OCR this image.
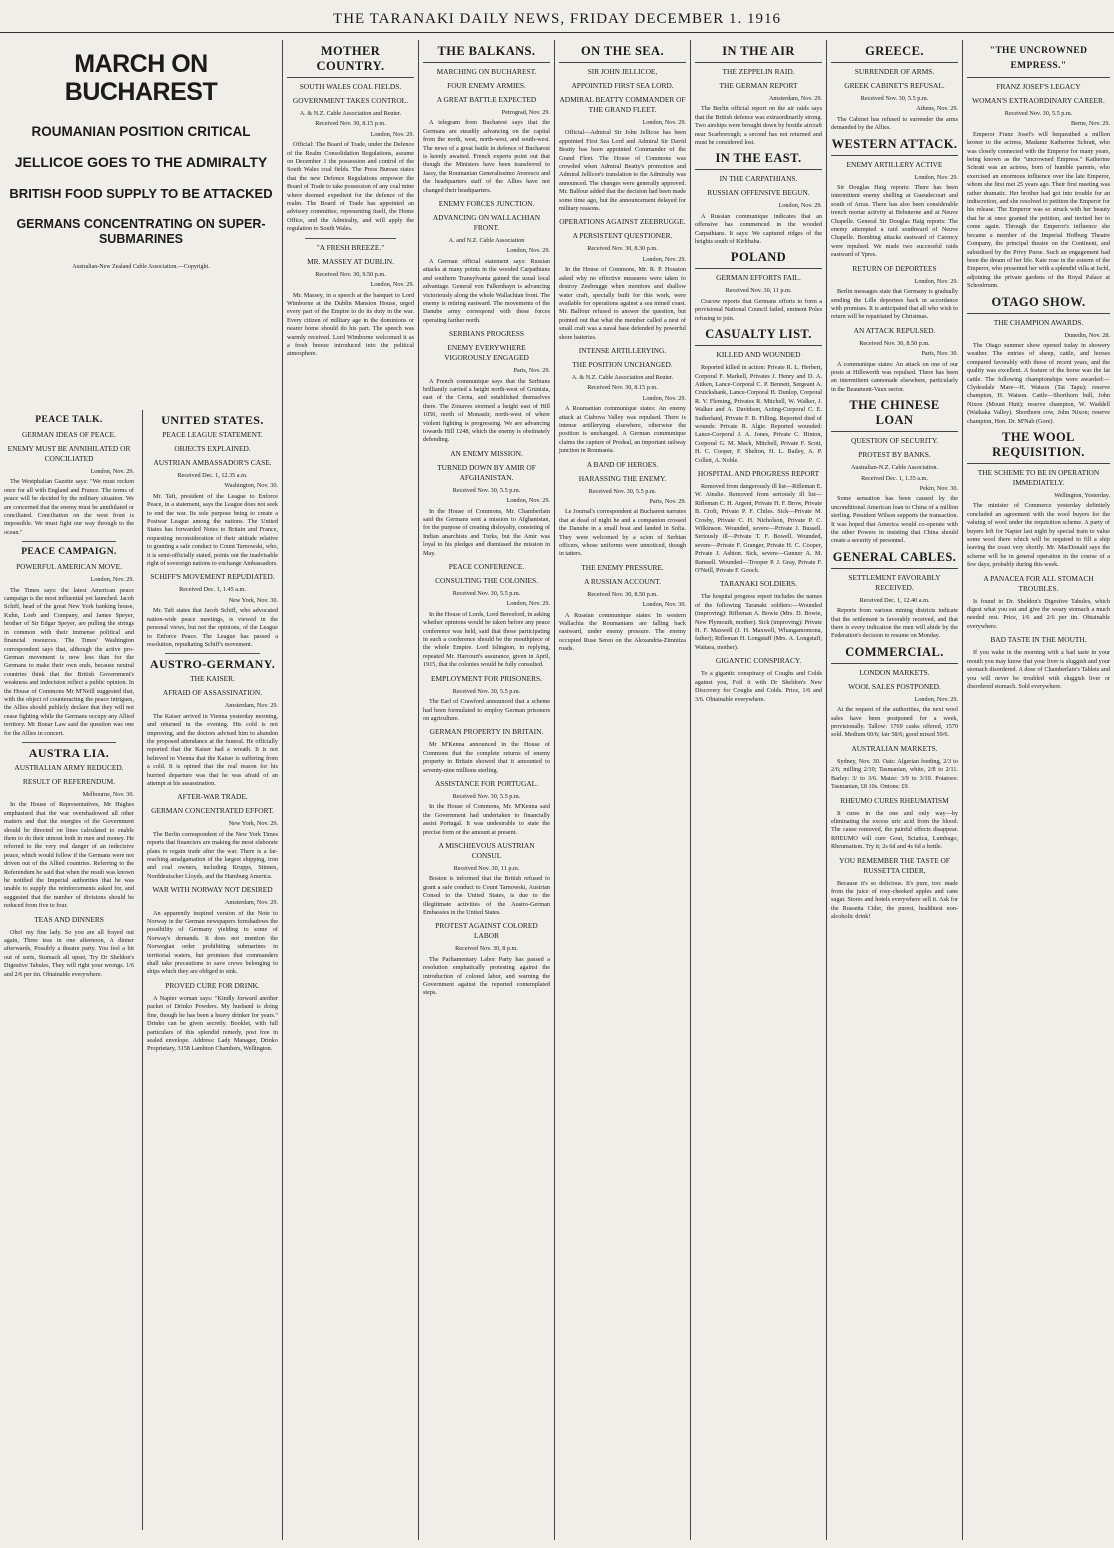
THE TARANAKI DAILY NEWS, FRIDAY DECEMBER 1. 1916
MARCH ON BUCHAREST
ROUMANIAN POSITION CRITICAL
JELLICOE GOES TO THE ADMIRALTY
BRITISH FOOD SUPPLY TO BE ATTACKED
GERMANS CONCENTRATING ON SUPER-SUBMARINES
Australian-New Zealand Cable Association.—Copyright.
PEACE TALK.
GERMAN IDEAS OF PEACE.
ENEMY MUST BE ANNIHILATED OR CONCILIATED
London, Nov. 29.

The Westphalian Gazette says: "We must reckon once for all with England and France. The terms of peace will be decided by the military situation. We are concerned that the enemy must be annihilated or conciliated. Conciliation on the west front is impossible. We must fight our way through to the ocean."

PEACE CAMPAIGN.
POWERFUL AMERICAN MOVE.
London, Nov. 29.

The Times says: the latest American peace campaign is the most influential yet launched. Jacob Schiff, head of the great New York banking house, Kuhn, Loeb and Company, and James Speyer, brother of Sir Edgar Speyer, are pulling the strings in common with their immense political and financial resources. The Times' Washington correspondent says that, although the active pro-German movement is now less than for the Germans to make their own ends, because neutral countries think that the British Government's weakness and indecision reflect a public opinion. In the House of Commons Mr M'Neill suggested that, with the object of counteracting the peace intrigues, the Allies should publicly declare that they will not cease fighting while the Germans occupy any Allied territory. Mr Bonar Law said the question was one for the Allies in concert.

AUSTRA LIA.
AUSTRALIAN ARMY REDUCED.
RESULT OF REFERENDUM.
Melbourne, Nov. 30.

In the House of Representatives, Mr Hughes emphasised that the war overshadowed all other matters and that the energies of the Government should be directed on lines calculated to enable them to do their utmost both in men and money. He referred to the very real danger of an indecisive peace, which would follow if the Germans were not driven out of the Allied countries. Referring to the Referendum he said that when the result was known he notified the Imperial authorities that he was unable to supply the reinforcements asked for, and suggested that the number of divisions should be reduced from five to four.

TEAS AND DINNERS

Oho! my fine lady. So you are all frayed out again, Three teas in one afternoon, A dinner afterwards, Possibly a theatre party. You feel a bit out of sorts, Stomach all upset, Try Dr Sheldon's Digestive Tabules, They will right your wrongs. 1/6 and 2/6 per tin. Obtainable everywhere.

UNITED STATES.
PEACE LEAGUE STATEMENT.
OBJECTS EXPLAINED.
AUSTRIAN AMBASSADOR'S CASE.
Received Dec. 1, 12.35 a.m.
Washington, Nov. 30.

Mr. Taft, president of the League to Enforce Peace, in a statement, says the League does not seek to end the war. Its sole purpose being to create a Postwar League among the nations. The United States has forwarded Notes to Britain and France, requesting reconsideration of their attitude relative to granting a safe conduct to Count Tarnowski, who, it is semi-officially stated, points out the inadvisable right of sovereign nations to exchange Ambassadors.

SCHIFF'S MOVEMENT REPUDIATED.
Received Dec. 1, 1.45 a.m.
New York, Nov. 30.

Mr. Taft states that Jacob Schiff, who advocated nation-wide peace meetings, is viewed in the personal views, but not the opinions, of the League to Enforce Peace. The League has passed a resolution, repudiating Schiff's movement.

AUSTRO-GERMANY.
THE KAISER.
AFRAID OF ASSASSINATION.
Amsterdam, Nov. 29.

The Kaiser arrived in Vienna yesterday morning, and returned in the evening. His cold is not improving, and the doctors advised him to abandon the proposed attendance at the funeral. He officially reported that the Kaiser had a wreath. It is not believed in Vienna that the Kaiser is suffering from a cold. It is opined that the real reason for his hurried departure was that he was afraid of an attempt at his assassination.

AFTER-WAR TRADE.
GERMAN CONCENTRATED EFFORT.
New York, Nov. 29.

The Berlin correspondent of the New York Times reports that financiers are making the most elaborate plans to regain trade after the war. There is a far-reaching amalgamation of the largest shipping, iron and coal owners, including Krupps, Stinnes, Norddeutscher Lloyds, and the Hamburg America.

WAR WITH NORWAY NOT DESIRED
Amsterdam, Nov. 29.

An apparently inspired version of the Note to Norway in the German newspapers foreshadows the possibility of Germany yielding to some of Norway's demands. It does not mention the Norwegian order prohibiting submarines in territorial waters, but promises that commanders shall take precautions to save crews belonging to ships which they are obliged to sink.

PROVED CURE FOR DRINK.

A Napier woman says: "Kindly forward another packet of Drinko Powders. My husband is doing fine, though he has been a heavy drinker for years." Drinko can be given secretly. Booklet, with full particulars of this splendid remedy, post free in sealed envelope. Address: Lady Manager, Drinko Proprietary, 3158 Lambton Chambers, Wellington.

MOTHER COUNTRY.
SOUTH WALES COAL FIELDS.
GOVERNMENT TAKES CONTROL.
A. & N.Z. Cable Association and Reuter.
Received Nov. 30, 8.15 p.m.
London, Nov. 29.

Official: The Board of Trade, under the Defence of the Realm Consolidation Regulations, assume on December 1 the possession and control of the South Wales coal fields. The Press Bureau states that the new Defence Regulations empower the Board of Trade to take possession of any coal mine where deemed expedient for the defence of the realm. The Board of Trade has appointed an advisory committee, representing itself, the Home Office, and the Admiralty, and will apply the regulation to South Wales.

"A FRESH BREEZE."
MR. MASSEY AT DUBLIN.
Received Nov. 30, 9.50 p.m.
London, Nov. 29.

Mr. Massey, in a speech at the banquet to Lord Wimborne at the Dublin Mansion House, urged every part of the Empire to do its duty in the war. Every citizen of military age in the dominions or nearer home should do his part. The speech was warmly received. Lord Wimborne welcomed it as a fresh breeze introduced into the political atmosphere.

THE BALKANS.
MARCHING ON BUCHAREST.
FOUR ENEMY ARMIES.
A GREAT BATTLE EXPECTED
Petrograd, Nov. 29.

A telegram from Bucharest says that the Germans are steadily advancing on the capital from the north, west, north-west, and south-west. The news of a great battle in defence of Bucharest is keenly awaited. French experts point out that though the Ministers have been transferred to Jassy, the Roumanian Generalissimo Averescu and the headquarters staff of the Allies have not changed their headquarters.

ENEMY FORCES JUNCTION.
ADVANCING ON WALLACHIAN FRONT.
A. and N.Z. Cable Association
London, Nov. 29.

A German official statement says: Russian attacks at many points in the wooded Carpathians and southern Transylvania gained the usual local advantage. General von Falkenhayn is advancing victoriously along the whole Wallachian front. The enemy is retiring eastward. The movements of the Danube army correspond with these forces operating farther north.

SERBIANS PROGRESS
ENEMY EVERYWHERE VIGOROUSLY ENGAGED
Paris, Nov. 29.

A French communique says that the Serbians brilliantly carried a height north-west of Grunista, east of the Cerna, and established themselves there. The Zouaves stormed a height east of Hill 1050, north of Monastir, north-west of where violent fighting is progressing. We are advancing towards Hill 1248, which the enemy is obstinately defending.

AN ENEMY MISSION.
TURNED DOWN BY AMIR OF AFGHANISTAN.
Received Nov. 30, 5.5 p.m.
London, Nov. 29.

In the House of Commons, Mr. Chamberlain said the Germans sent a mission to Afghanistan, for the purpose of creating disloyalty, consisting of Indian anarchists and Turks, but the Amir was loyal to his pledges and dismissed the mission in May.

PEACE CONFERENCE.
CONSULTING THE COLONIES.
Received Nov. 30, 5.5 p.m.
London, Nov. 29.

In the House of Lords, Lord Beresford, in asking whether opinions would be taken before any peace conference was held, said that those participating in such a conference should be the mouthpiece of the whole Empire. Lord Islington, in replying, repeated Mr. Harcourt's assurance, given in April, 1915, that the colonies would be fully consulted.

EMPLOYMENT FOR PRISONERS.
Received Nov. 30, 5.5 p.m.

The Earl of Crawford announced that a scheme had been formulated to employ German prisoners on agriculture.

GERMAN PROPERTY IN BRITAIN.

Mr M'Kenna announced in the House of Commons that the complete returns of enemy property in Britain showed that it amounted to seventy-nine millions sterling.

ASSISTANCE FOR PORTUGAL.
Received Nov. 30, 5.5 p.m.

In the House of Commons, Mr. M'Kenna said the Government had undertaken to financially assist Portugal. It was undesirable to state the precise form or the amount at present.

A MISCHIEVOUS AUSTRIAN CONSUL
Received Nov. 30, 11 p.m.

Boston is informed that the British refused to grant a safe conduct to Count Tarnowski, Austrian Consul to the United States, is due to the illegitimate activities of the Austro-German Embassies in the United States.

PROTEST AGAINST COLORED LABOR
Received Nov. 30, 8 p.m.

The Parliamentary Labor Party has passed a resolution emphatically protesting against the introduction of colored labor, and warning the Government against the reported contemplated steps.

ON THE SEA.
SIR JOHN JELLICOE,
APPOINTED FIRST SEA LORD.
ADMIRAL BEATTY COMMANDER OF THE GRAND FLEET.
London, Nov. 29.

Official—Admiral Sir John Jellicoe has been appointed First Sea Lord and Admiral Sir David Beatty has been appointed Commander of the Grand Fleet. The House of Commons was crowded when Admiral Beatty's promotion and Admiral Jellicoe's translation to the Admiralty was announced. The changes were generally approved. Mr. Balfour added that the decision had been made some time ago, but the announcement delayed for military reasons.

OPERATIONS AGAINST ZEEBRUGGE.
A PERSISTENT QUESTIONER.
Received Nov. 30, 8.30 p.m.
London, Nov. 29.

In the House of Commons, Mr. R. P. Houston asked why no effective measures were taken to destroy Zeebrugge when monitors and shallow water craft, specially built for this work, were available for operations against a sea mined coast. Mr. Balfour refused to answer the question, but pointed out that what the member called a nest of small craft was a naval base defended by powerful shore batteries.

INTENSE ARTILLERYING.
THE POSITION UNCHANGED.
A. & N.Z. Cable Association and Reuter.
Received Nov. 30, 8.15 p.m.
London, Nov. 29.

A Roumanian communique states: An enemy attack at Ciabova Valley was repulsed. There is intense artillerying elsewhere, otherwise the position is unchanged. A German communique claims the capture of Predeal, an important railway junction in Roumania.

A BAND OF HEROES.
HARASSING THE ENEMY.
Received Nov. 30, 5.5 p.m.
Paris, Nov. 29.

Le Journal's correspondent at Bucharest narrates that at dead of night he and a companion crossed the Danube in a small boat and landed in Sofia. They were welcomed by a scion of Serbian officers, whose uniforms were unnoticed, though in tatters.

THE ENEMY PRESSURE.
A RUSSIAN ACCOUNT.
Received Nov. 30, 8.50 p.m.
London, Nov. 30.

A Russian communique states: In western Wallachia the Roumanians are falling back eastward, under enemy pressure. The enemy occupied Ruse Sereu on the Alexandria-Zimnitza roads.

IN THE AIR
THE ZEPPELIN RAID.
THE GERMAN REPORT
Amsterdam, Nov. 29.

The Berlin official report on the air raids says that the British defence was extraordinarily strong. Two airships were brought down by hostile aircraft near Scarborough; a second has not returned and must be considered lost.

IN THE EAST.
IN THE CARPATHIANS.
RUSSIAN OFFENSIVE BEGUN.
London, Nov. 29.

A Russian communique indicates that an offensive has commenced in the wooded Carpathians. It says: We captured ridges of the heights south of Kirlibaba.

POLAND
GERMAN EFFORTS FAIL.
Received Nov. 30, 11 p.m.

Cracow reports that Germans efforts to form a provisional National Council failed, eminent Poles refusing to join.

CASUALTY LIST.
KILLED AND WOUNDED

Reported killed in action: Private R. L. Herbert, Corporal F. Markell, Privates J. Henry and D. A. Aitken, Lance-Corporal C. P. Bennett, Sergeant A. Cruickshank, Lance-Corporal H. Dunlop, Corporal R. V. Fleming, Privates R. Mitchell, W. Walker, J. Walker and A. Davidson, Acting-Corporal C. E. Sutherland, Private F. B. Filling. Reported died of wounds: Private R. Algie. Reported wounded: Lance-Corporal J. A. Jones, Private C. Hinton, Corporal G. M. Mack, Mitchell, Private F. Scott, H. C. Cooper, F. Shelton, H. L. Bailey, A. P. Collett, A. Noble.

HOSPITAL AND PROGRESS REPORT

Removed from dangerously ill list—Rifleman E. W. Ainslie. Removed from seriously ill list—Rifleman C. H. Argent, Private H. F. Brow, Private B. Croft, Private P. F. Chiles. Sick—Private M. Crosby, Private C. H. Nicholson, Private P. C. Wilkinson. Wounded, severe—Private J. Bussell. Seriously ill—Private T. F. Bowell. Wounded, severe—Private F. Granger, Private H. C. Cooper, Private J. Ashton. Sick, severe—Gunner A. M. Ramsell. Wounded—Trooper P. J. Gray, Private F. O'Neill, Private F. Gooch.

TARANAKI SOLDIERS.

The hospital progress report includes the names of the following Taranaki soldiers:—Wounded (improving): Rifleman A. Bowie (Mrs. D. Bowie, New Plymouth, mother). Sick (improving): Private H. F. Maxwell (J. H. Maxwell, Whangamomona, father); Rifleman H. Longstaff (Mrs. A. Longstaff, Waitara, mother).

GIGANTIC CONSPIRACY.

To a gigantic conspiracy of Coughs and Colds against you, Foil it with Dr Sheldon's New Discovery for Coughs and Colds. Price, 1/6 and 3/6. Obtainable everywhere.

GREECE.
SURRENDER OF ARMS.
GREEK CABINET'S REFUSAL.
Received Nov. 30, 5.5 p.m.
Athens, Nov. 29.

The Cabinet has refused to surrender the arms demanded by the Allies.

WESTERN ATTACK.
ENEMY ARTILLERY ACTIVE
London, Nov. 29.

Sir Douglas Haig reports: There has been intermittent enemy shelling at Gueudecourt and south of Arras. There has also been considerable trench mortar activity at Hebuterne and at Neuve Chapelle. General Sir Douglas Haig reports: The enemy attempted a raid southward of Neuve Chapelle. Bombing attacks eastward of Carency were repulsed. We made two successful raids eastward of Ypres.

RETURN OF DEPORTEES
London, Nov. 29.

Berlin messages state that Germany is gradually sending the Lille deportees back in accordance with promises. It is anticipated that all who wish to return will be repatriated by Christmas.

AN ATTACK REPULSED.
Received Nov. 30, 8.50 p.m.
Paris, Nov. 30.

A communique states: An attack on one of our posts at Hillsworth was repulsed. There has been an intermittent cannonade elsewhere, particularly in the Beaumont-Vaux sector.

THE CHINESE LOAN
QUESTION OF SECURITY.
PROTEST BY BANKS.
Australian-N.Z. Cable Association.
Received Dec. 1, 1.35 a.m.
Pekin, Nov. 30.

Some sensation has been caused by the unconditional American loan to China of a million sterling. President Wilson supports the transaction. It was hoped that America would co-operate with the other Powers in insisting that China should create a security of personnel.

GENERAL CABLES.
SETTLEMENT FAVORABLY RECEIVED.
Received Dec. 1, 12.40 a.m.

Reports from various mining districts indicate that the settlement is favorably received, and that there is every indication the men will abide by the Federation's decision to resume on Monday.

COMMERCIAL.
LONDON MARKETS.
WOOL SALES POSTPONED.
London, Nov. 29.

At the request of the authorities, the next wool sales have been postponed for a week, provisionally. Tallow: 1769 casks offered, 1570 sold. Medium 60/6; fair 58/6; good mixed 59/6.

AUSTRALIAN MARKETS.

Sydney, Nov. 30. Oats: Algerian feeding, 2/3 to 2/6; milling 2/10; Tasmanian, white, 2/8 to 2/11. Barley: 3/ to 3/6. Maize: 3/9 to 3/10. Potatoes: Tasmanian, £8 10s. Onions: £9.

RHEUMO CURES RHEUMATISM

It cures in the one and only way—by eliminating the excess uric acid from the blood. The cause removed, the painful effects disappear. RHEUMO will cure Gout, Sciatica, Lumbago, Rheumatism. Try it; 2s 6d and 4s 6d a bottle.

YOU REMEMBER THE TASTE OF RUSSETTA CIDER,

Because it's so delicious. It's pure, too: made from the juice of rosy-cheeked apples and cane sugar. Stores and hotels everywhere sell it. Ask for the Russetta Cider, the purest, healthiest non-alcoholic drink!

"THE UNCROWNED EMPRESS."
FRANZ JOSEF'S LEGACY
WOMAN'S EXTRAORDINARY CAREER.
Received Nov. 30, 5.5 p.m.
Berne, Nov. 29.

Emperor Franz Josef's will bequeathed a million kroner to the actress, Madame Katherine Schratt, who was closely connected with the Emperor for many years, being known as the "uncrowned Empress." Katherine Schratt was an actress, born of humble parents, who exercised an enormous influence over the late Emperor, whom she first met 25 years ago. Their first meeting was rather dramatic. Her brother had got into trouble for an indiscretion, and she resolved to petition the Emperor for his release. The Emperor was so struck with her beauty that he at once granted the petition, and invited her to come again. Through the Emperor's influence she became a member of the Imperial Hofburg Theatre Company, the principal theatre on the Continent, and subsidised by the Privy Purse. Such an engagement had been the dream of her life. Kate rose in the esteem of the Emperor, who presented her with a splendid villa at Ischl, adjoining the private gardens of the Royal Palace at Schonbrunn.

OTAGO SHOW.
THE CHAMPION AWARDS.
Dunedin, Nov. 28.

The Otago summer show opened today in showery weather. The entries of sheep, cattle, and horses compared favorably with those of recent years, and the quality was excellent. A feature of the horse was the fat cattle. The following championships were awarded:—Clydesdale Mare—H. Watson (Tai Tapu); reserve champion, H. Watson. Cattle—Shorthorn bull, John Nixon (Mount Hutt); reserve champion, W. Waddell (Waikaka Valley). Shorthorn cow, John Nixon; reserve champion, Hon. Dr. M'Nab (Gore).

THE WOOL REQUISITION.
THE SCHEME TO BE IN OPERATION IMMEDIATELY.
Wellington, Yesterday.

The minister of Commerce yesterday definitely concluded an agreement with the wool buyers for the valuing of wool under the requisition scheme. A party of buyers left for Napier last night by special train to value some wool there which will be required to fill a ship leaving the coast very shortly. Mr. MacDonald says the scheme will be in general operation in the course of a few days; probably during this week.

A PANACEA FOR ALL STOMACH TROUBLES.

Is found in Dr. Sheldon's Digestive Tabules, which digest what you eat and give the weary stomach a much needed rest. Price, 1/6 and 2/6 per tin. Obtainable everywhere.

BAD TASTE IN THE MOUTH.

If you wake in the morning with a bad taste in your mouth you may know that your liver is sluggish and your stomach disordered. A dose of Chamberlain's Tablets and you will never be troubled with sluggish liver or disordered stomach. Sold everywhere.
